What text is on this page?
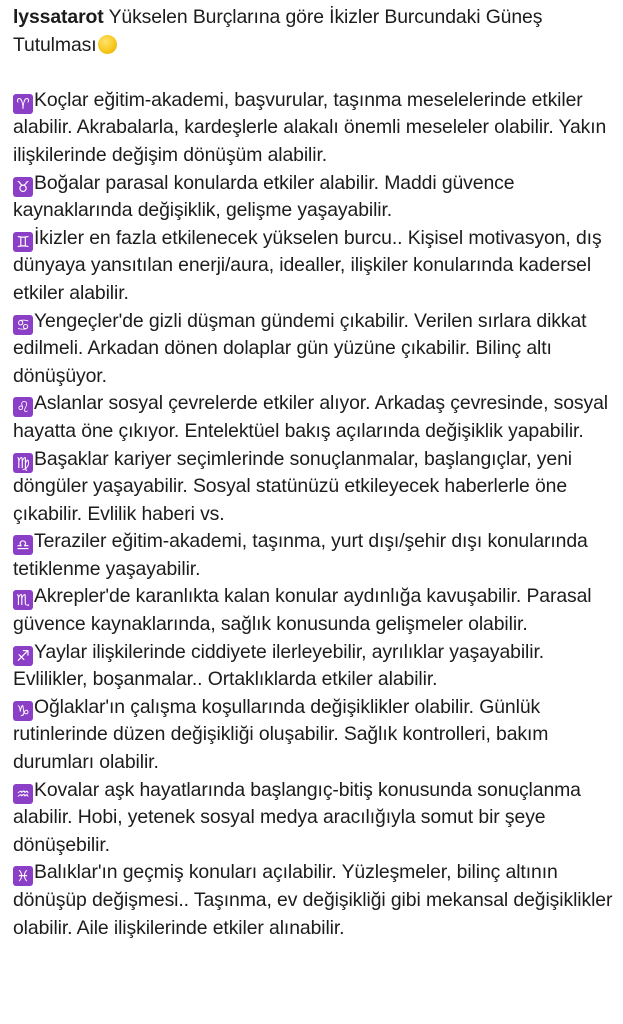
lyssatarot Yükselen Burçlarına göre İkizler Burcundaki Güneş Tutulması

♈ Koçlar eğitim-akademi, başvurular, taşınma meselelerinde etkiler alabilir. Akrabalarla, kardeşlerle alakalı önemli meseleler olabilir. Yakın ilişkilerinde değişim dönüşüm alabilir.

♉ Boğalar parasal konularda etkiler alabilir. Maddi güvence kaynaklarında değişiklik, gelişme yaşayabilir.

♊ İkizler en fazla etkilenecek yükselen burcu.. Kişisel motivasyon, dış dünyaya yansıtılan enerji/aura, idealler, ilişkiler konularında kadersel etkiler alabilir.

♋ Yengeçler'de gizli düşman gündemi çıkabilir. Verilen sırlara dikkat edilmeli. Arkadan dönen dolaplar gün yüzüne çıkabilir. Bilinç altı dönüşüyor.

♌ Aslanlar sosyal çevrelerde etkiler alıyor. Arkadaş çevresinde, sosyal hayatta öne çıkıyor. Entelektüel bakış açılarında değişiklik yapabilir.

♍ Başaklar kariyer seçimlerinde sonuçlanmalar, başlangıçlar, yeni döngüler yaşayabilir. Sosyal statünüzü etkileyecek haberlerle öne çıkabilir. Evlilik haberi vs.

♎ Teraziler eğitim-akademi, taşınma, yurt dışı/şehir dışı konularında tetiklenme yaşayabilir.

♏ Akrepler'de karanlıkta kalan konular aydınlığa kavuşabilir. Parasal güvence kaynaklarında, sağlık konusunda gelişmeler olabilir.

♐ Yaylar ilişkilerinde ciddiyete ilerleyebilir, ayrılıklar yaşayabilir. Evlilikler, boşanmalar.. Ortaklıklarda etkiler alabilir.

♑ Oğlaklar'ın çalışma koşullarında değişiklikler olabilir. Günlük rutinlerinde düzen değişikliği oluşabilir. Sağlık kontrolleri, bakım durumları olabilir.

♒ Kovalar aşk hayatlarında başlangıç-bitiş konusunda sonuçlanma alabilir. Hobi, yetenek sosyal medya aracılığıyla somut bir şeye dönüşebilir.

♓ Balıklar'ın geçmiş konuları açılabilir. Yüzleşmeler, bilinç altının dönüşüp değişmesi.. Taşınma, ev değişikliği gibi mekansal değişiklikler olabilir. Aile ilişkilerinde etkiler alınabilir.
